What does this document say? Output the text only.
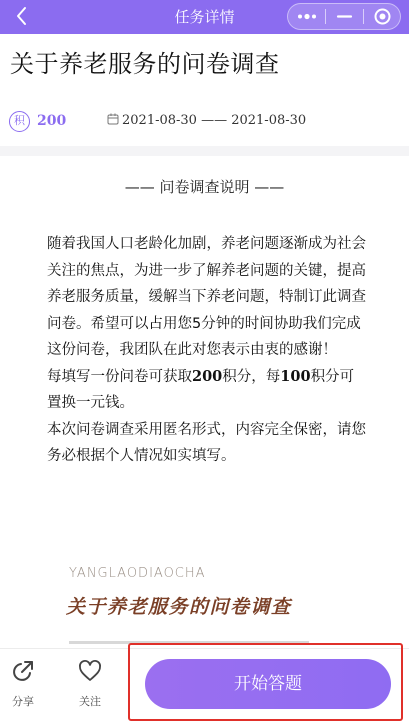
任务详情
关于养老服务的问卷调查
积 200	2021-08-30 —— 2021-08-30
—— 问卷调查说明 ——

随着我国人口老龄化加剧，养老问题逐渐成为社会关注的焦点，为进一步了解养老问题的关键，提高养老服务质量，缓解当下养老问题，特制订此调查问卷。希望可以占用您5分钟的时间协助我们完成这份问卷，我团队在此对您表示由衷的感谢！

每填写一份问卷可获取200积分，每100积分可置换一元钱。

本次问卷调查采用匿名形式，内容完全保密，请您务必根据个人情况如实填写。

YANGLAODIAOCHA
关于养老服务的问卷调查
分享	关注
开始答题
